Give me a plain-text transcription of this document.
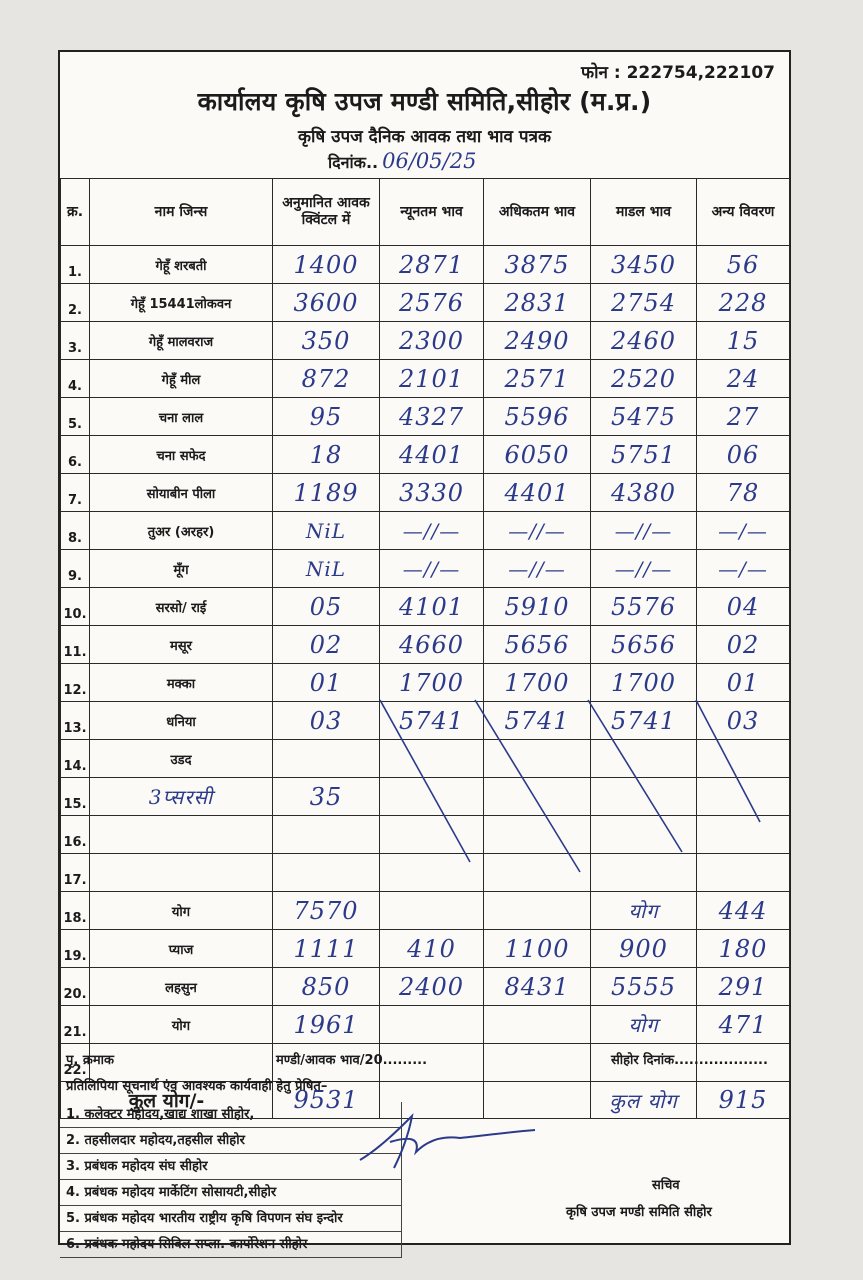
फोन : 222754,222107
कार्यालय कृषि उपज मण्डी समिति,सीहोर (म.प्र.)
कृषि उपज दैनिक आवक तथा भाव पत्रक
दिनांक.. 06/05/25
क्र.	नाम जिन्स	अनुमानित आवक क्विंटल में	न्यूनतम भाव	अधिकतम भाव	माडल भाव	अन्य विवरण
1.	गेहूँ शरबती	1400	2871	3875	3450	56
2.	गेहूँ 15441लोकवन	3600	2576	2831	2754	228
3.	गेहूँ मालवराज	350	2300	2490	2460	15
4.	गेहूँ मील	872	2101	2571	2520	24
5.	चना लाल	95	4327	5596	5475	27
6.	चना सफेद	18	4401	6050	5751	06
7.	सोयाबीन पीला	1189	3330	4401	4380	78
8.	तुअर (अरहर)	NiL	—//—	—//—	—//—	—/—
9.	मूँग	NiL	—//—	—//—	—//—	—/—
10.	सरसो/ राई	05	4101	5910	5576	04
11.	मसूर	02	4660	5656	5656	02
12.	मक्का	01	1700	1700	1700	01
13.	धनिया	03	5741	5741	5741	03
14.	उडद					
15.	3प्सरसी	35				
16.						
17.						
18.	योग	7570			योग	444
19.	प्याज	1111	410	1100	900	180
20.	लहसुन	850	2400	8431	5555	291
21.	योग	1961			योग	471
22.						
कुल योग/-		9531			कुल योग	915
पृ. क्रमाक	मण्डी/आवक भाव/20.........	सीहोर दिनांक...................
प्रतिलिपिया सूचनार्थ एंव आवश्यक कार्यवाही हेतु प्रेषित–
1. कलेक्टर महोदय,खाद्य शाखा सीहोर,
2. तहसीलदार महोदय,तहसील सीहोर
3. प्रबंधक महोदय संघ सीहोर
4. प्रबंधक महोदय मार्केटिंग सोसायटी,सीहोर
5. प्रबंधक महोदय भारतीय राष्ट्रीय कृषि विपणन संघ इन्दोर
6. प्रबंधक महोदय सिविल सप्ला. कार्पोरेशन सीहोर
सचिव
कृषि उपज मण्डी समिति सीहोर
